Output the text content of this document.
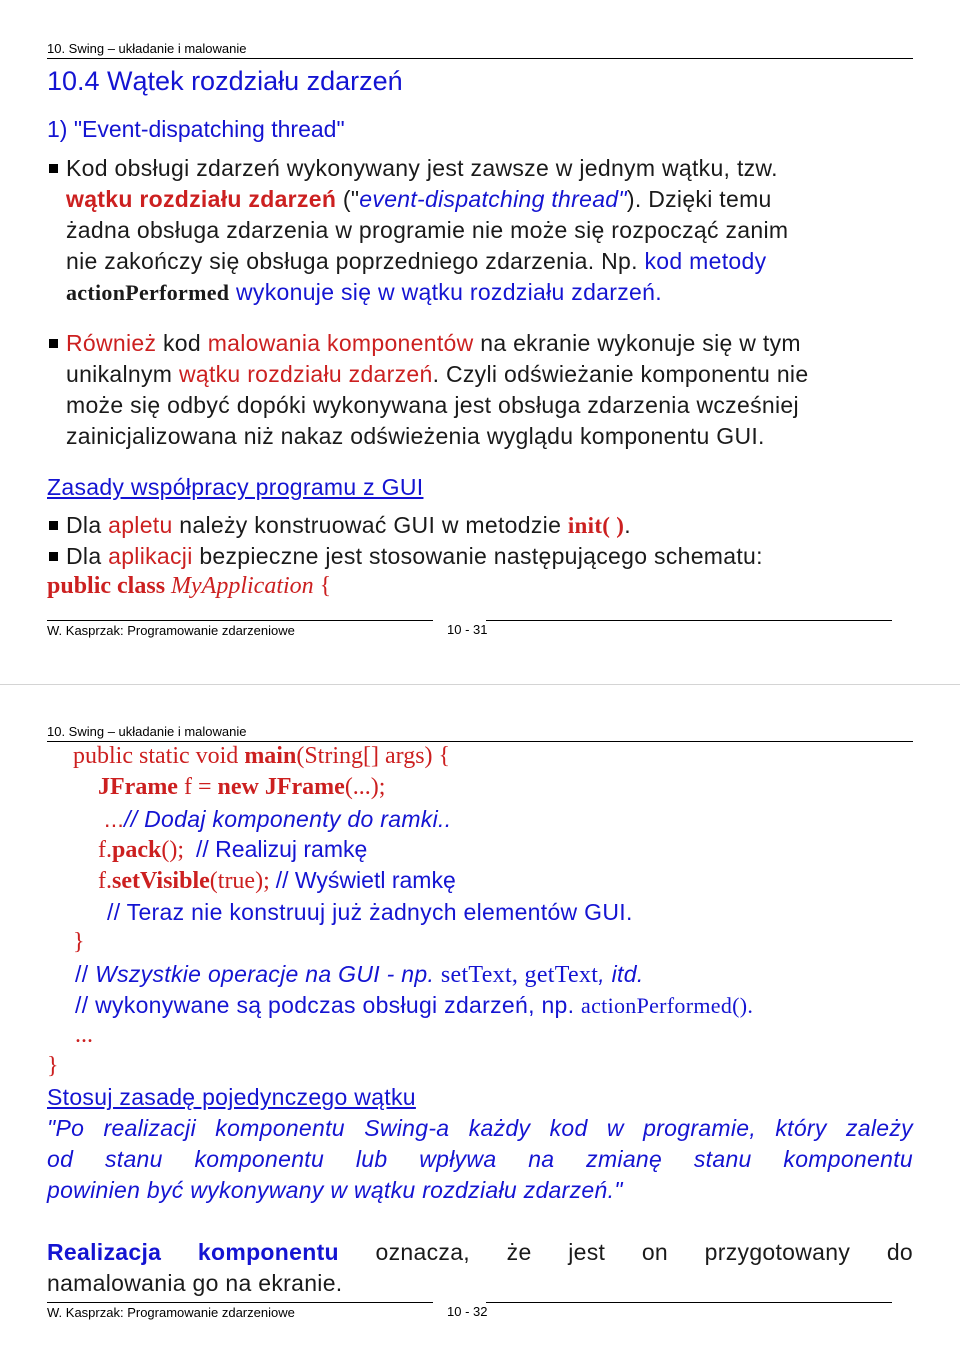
10. Swing – układanie i malowanie
10.4 Wątek rozdziału zdarzeń
1) "Event-dispatching thread"
Kod obsługi zdarzeń wykonywany jest zawsze w jednym wątku, tzw.
wątku rozdziału zdarzeń ("event-dispatching thread"). Dzięki temu
żadna obsługa zdarzenia w programie nie może się rozpocząć zanim
nie zakończy się obsługa poprzedniego zdarzenia. Np. kod metody
actionPerformed wykonuje się w wątku rozdziału zdarzeń.
Również kod malowania komponentów na ekranie wykonuje się w tym
unikalnym wątku rozdziału zdarzeń. Czyli odświeżanie komponentu nie
może się odbyć dopóki wykonywana jest obsługa zdarzenia wcześniej
zainicjalizowana niż nakaz odświeżenia wyglądu komponentu GUI.
Zasady współpracy programu z GUI
Dla apletu należy konstruować GUI w metodzie init( ).
Dla aplikacji bezpieczne jest stosowanie następującego schematu:
public class MyApplication {
W. Kasprzak: Programowanie zdarzeniowe	10 - 31
10. Swing – układanie i malowanie
public static void main(String[] args) {
JFrame f = new JFrame(...);
...// Dodaj komponenty do ramki..
f.pack();  // Realizuj ramkę
f.setVisible(true); // Wyświetl ramkę
// Teraz nie konstruuj już żadnych elementów GUI.
}
// Wszystkie operacje na GUI - np. setText, getText, itd.
// wykonywane są podczas obsługi zdarzeń, np. actionPerformed().
...
}
Stosuj zasadę pojedynczego wątku
"Po realizacji komponentu Swing-a każdy kod w programie, który zależy
od stanu komponentu lub wpływa na zmianę stanu komponentu
powinien być wykonywany w wątku rozdziału zdarzeń."
Realizacja komponentu oznacza, że jest on przygotowany do
namalowania go na ekranie.
W. Kasprzak: Programowanie zdarzeniowe	10 - 32
